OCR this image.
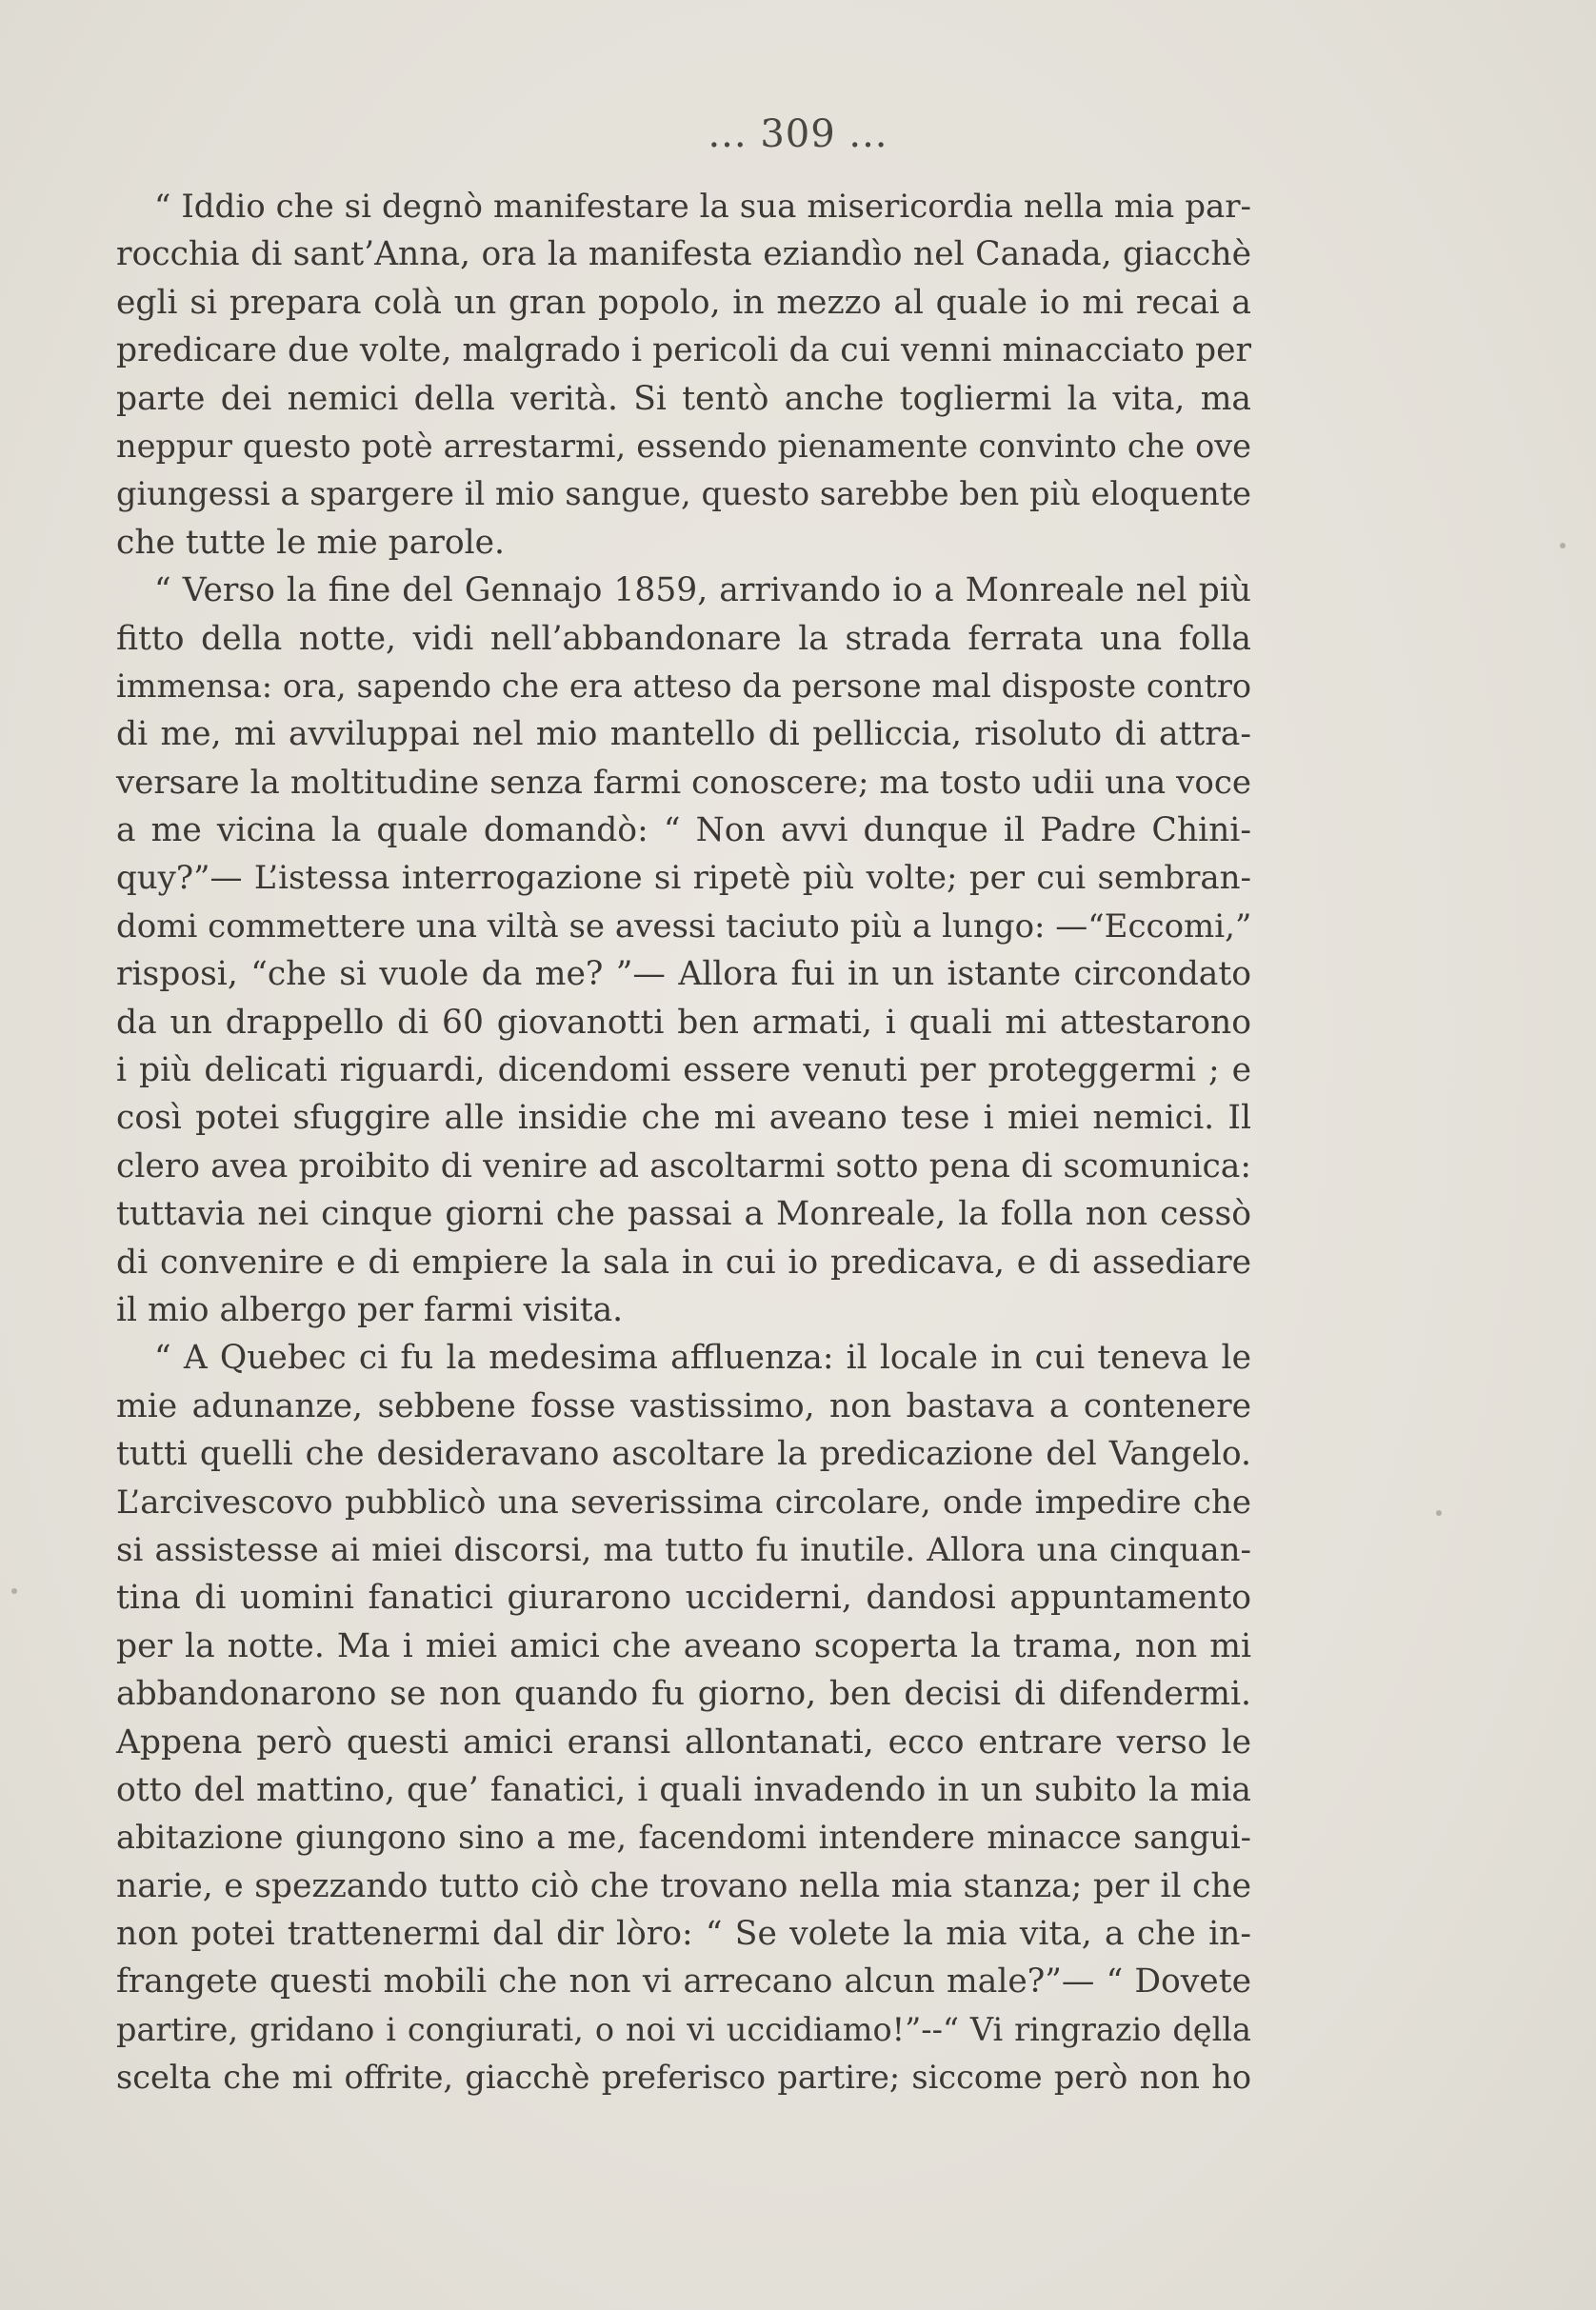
... 309 ...
“ Iddio che si degnò manifestare la sua misericordia nella mia par-
rocchia di sant’Anna, ora la manifesta eziandìo nel Canada, giacchè
egli si prepara colà un gran popolo, in mezzo al quale io mi recai a
predicare due volte, malgrado i pericoli da cui venni minacciato per
parte dei nemici della verità. Si tentò anche togliermi la vita, ma
neppur questo potè arrestarmi, essendo pienamente convinto che ove
giungessi a spargere il mio sangue, questo sarebbe ben più eloquente
che tutte le mie parole.
“ Verso la fine del Gennajo 1859, arrivando io a Monreale nel più
fitto della notte, vidi nell’abbandonare la strada ferrata una folla
immensa: ora, sapendo che era atteso da persone mal disposte contro
di me, mi avviluppai nel mio mantello di pelliccia, risoluto di attra-
versare la moltitudine senza farmi conoscere; ma tosto udii una voce
a me vicina la quale domandò: “ Non avvi dunque il Padre Chini-
quy?”— L’istessa interrogazione si ripetè più volte; per cui sembran-
domi commettere una viltà se avessi taciuto più a lungo: —“Eccomi,”
risposi, “che si vuole da me? ”— Allora fui in un istante circondato
da un drappello di 60 giovanotti ben armati, i quali mi attestarono
i più delicati riguardi, dicendomi essere venuti per proteggermi ; e
così potei sfuggire alle insidie che mi aveano tese i miei nemici. Il
clero avea proibito di venire ad ascoltarmi sotto pena di scomunica:
tuttavia nei cinque giorni che passai a Monreale, la folla non cessò
di convenire e di empiere la sala in cui io predicava, e di assediare
il mio albergo per farmi visita.
“ A Quebec ci fu la medesima affluenza: il locale in cui teneva le
mie adunanze, sebbene fosse vastissimo, non bastava a contenere
tutti quelli che desideravano ascoltare la predicazione del Vangelo.
L’arcivescovo pubblicò una severissima circolare, onde impedire che
si assistesse ai miei discorsi, ma tutto fu inutile. Allora una cinquan-
tina di uomini fanatici giurarono ucciderni, dandosi appuntamento
per la notte. Ma i miei amici che aveano scoperta la trama, non mi
abbandonarono se non quando fu giorno, ben decisi di difendermi.
Appena però questi amici eransi allontanati, ecco entrare verso le
otto del mattino, que’ fanatici, i quali invadendo in un subito la mia
abitazione giungono sino a me, facendomi intendere minacce sangui-
narie, e spezzando tutto ciò che trovano nella mia stanza; per il che
non potei trattenermi dal dir lòro: “ Se volete la mia vita, a che in-
frangete questi mobili che non vi arrecano alcun male?”— “ Dovete
partire, gridano i congiurati, o noi vi uccidiamo!”--“ Vi ringrazio dęlla
scelta che mi offrite, giacchè preferisco partire; siccome però non ho
